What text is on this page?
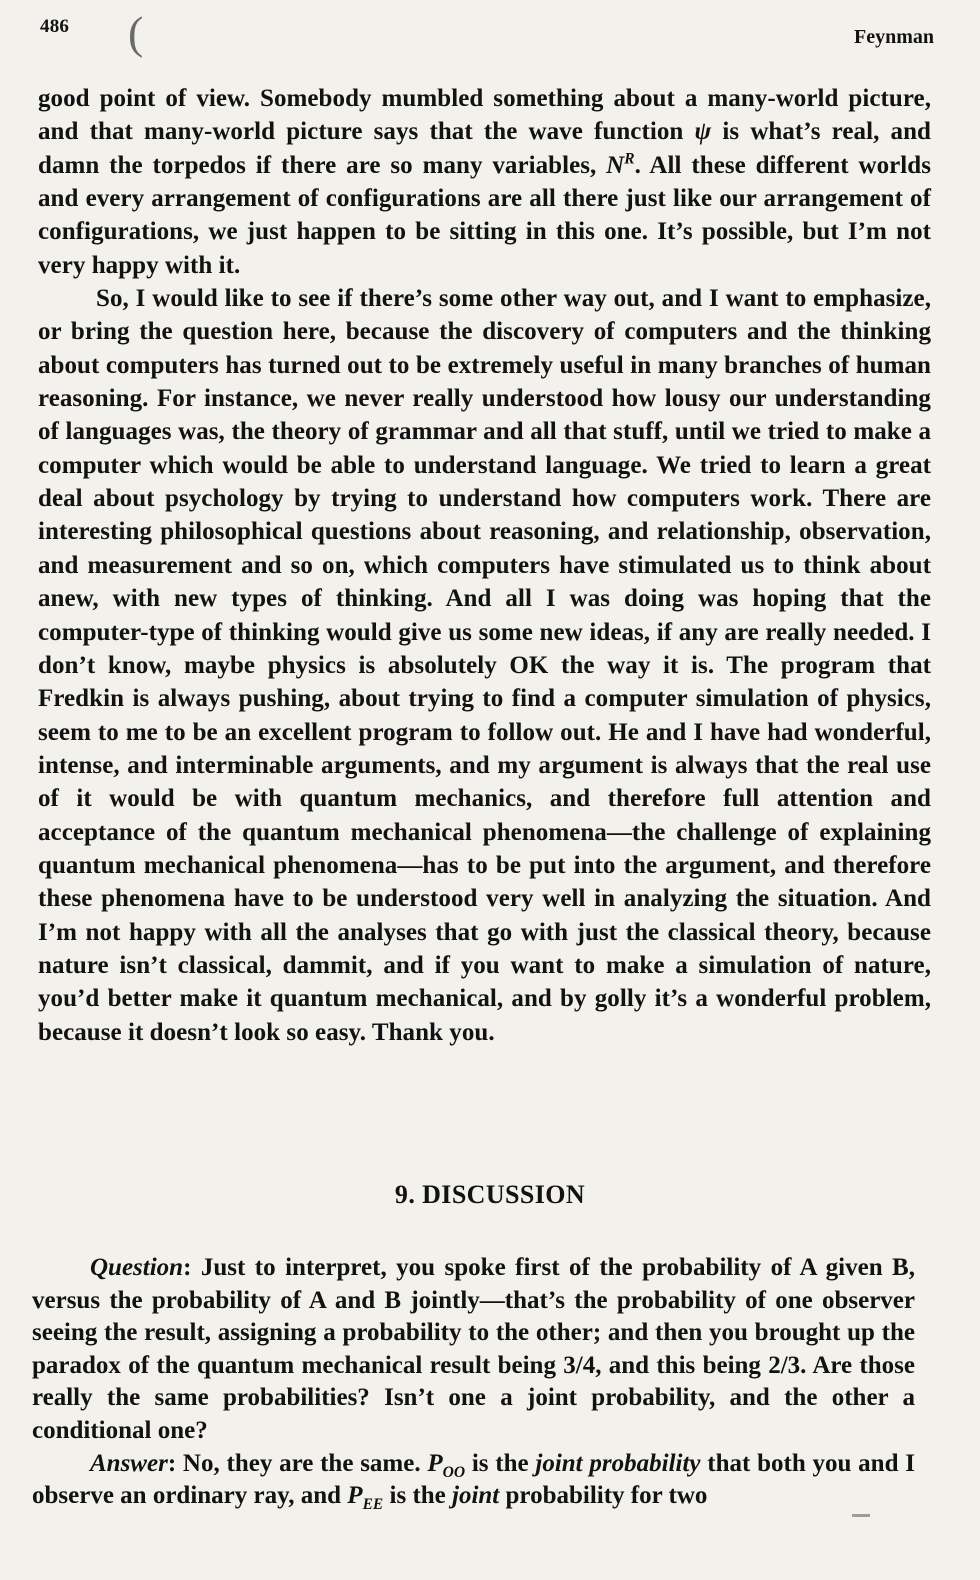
486 (	Feynman

good point of view. Somebody mumbled something about a many-world picture, and that many-world picture says that the wave function ψ is what’s real, and damn the torpedos if there are so many variables, $N^R$. All these different worlds and every arrangement of configurations are all there just like our arrangement of configurations, we just happen to be sitting in this one. It’s possible, but I’m not very happy with it.

So, I would like to see if there’s some other way out, and I want to emphasize, or bring the question here, because the discovery of computers and the thinking about computers has turned out to be extremely useful in many branches of human reasoning. For instance, we never really understood how lousy our understanding of languages was, the theory of grammar and all that stuff, until we tried to make a computer which would be able to understand language. We tried to learn a great deal about psychology by trying to understand how computers work. There are interesting philosophical questions about reasoning, and relationship, observation, and measurement and so on, which computers have stimulated us to think about anew, with new types of thinking. And all I was doing was hoping that the computer-type of thinking would give us some new ideas, if any are really needed. I don’t know, maybe physics is absolutely OK the way it is. The program that Fredkin is always pushing, about trying to find a computer simulation of physics, seem to me to be an excellent program to follow out. He and I have had wonderful, intense, and interminable arguments, and my argument is always that the real use of it would be with quantum mechanics, and therefore full attention and acceptance of the quantum mechanical phenomena—the challenge of explaining quantum mechanical phenomena—has to be put into the argument, and therefore these phenomena have to be understood very well in analyzing the situation. And I’m not happy with all the analyses that go with just the classical theory, because nature isn’t classical, dammit, and if you want to make a simulation of nature, you’d better make it quantum mechanical, and by golly it’s a wonderful problem, because it doesn’t look so easy. Thank you.

9. DISCUSSION

Question: Just to interpret, you spoke first of the probability of A given B, versus the probability of A and B jointly—that’s the probability of one observer seeing the result, assigning a probability to the other; and then you brought up the paradox of the quantum mechanical result being 3/4, and this being 2/3. Are those really the same probabilities? Isn’t one a joint probability, and the other a conditional one?

Answer: No, they are the same. $P_{OO}$ is the joint probability that both you and I observe an ordinary ray, and $P_{EE}$ is the joint probability for two
